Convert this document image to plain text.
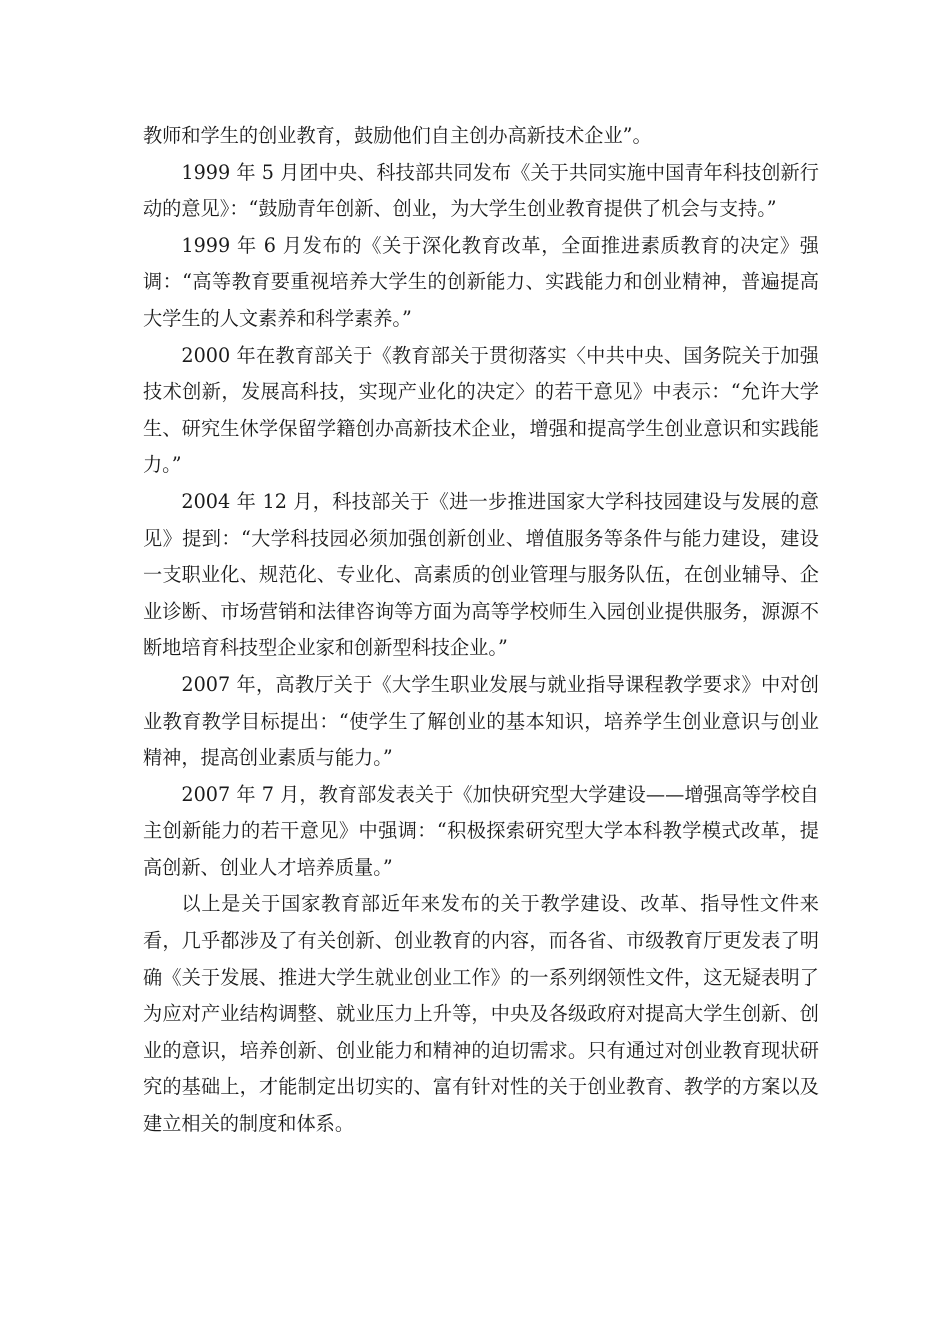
教师和学生的创业教育，鼓励他们自主创办高新技术企业”。

1999 年 5 月团中央、科技部共同发布《关于共同实施中国青年科技创新行动的意见》：“鼓励青年创新、创业，为大学生创业教育提供了机会与支持。”

1999 年 6 月发布的《关于深化教育改革，全面推进素质教育的决定》强调：“高等教育要重视培养大学生的创新能力、实践能力和创业精神，普遍提高大学生的人文素养和科学素养。”

2000 年在教育部关于《教育部关于贯彻落实〈中共中央、国务院关于加强技术创新，发展高科技，实现产业化的决定〉的若干意见》中表示：“允许大学生、研究生休学保留学籍创办高新技术企业，增强和提高学生创业意识和实践能力。”

2004 年 12 月，科技部关于《进一步推进国家大学科技园建设与发展的意见》提到：“大学科技园必须加强创新创业、增值服务等条件与能力建设，建设一支职业化、规范化、专业化、高素质的创业管理与服务队伍，在创业辅导、企业诊断、市场营销和法律咨询等方面为高等学校师生入园创业提供服务，源源不断地培育科技型企业家和创新型科技企业。”

2007 年，高教厅关于《大学生职业发展与就业指导课程教学要求》中对创业教育教学目标提出：“使学生了解创业的基本知识，培养学生创业意识与创业精神，提高创业素质与能力。”

2007 年 7 月，教育部发表关于《加快研究型大学建设——增强高等学校自主创新能力的若干意见》中强调：“积极探索研究型大学本科教学模式改革，提高创新、创业人才培养质量。”

以上是关于国家教育部近年来发布的关于教学建设、改革、指导性文件来看，几乎都涉及了有关创新、创业教育的内容，而各省、市级教育厅更发表了明确《关于发展、推进大学生就业创业工作》的一系列纲领性文件，这无疑表明了为应对产业结构调整、就业压力上升等，中央及各级政府对提高大学生创新、创业的意识，培养创新、创业能力和精神的迫切需求。只有通过对创业教育现状研究的基础上，才能制定出切实的、富有针对性的关于创业教育、教学的方案以及建立相关的制度和体系。
